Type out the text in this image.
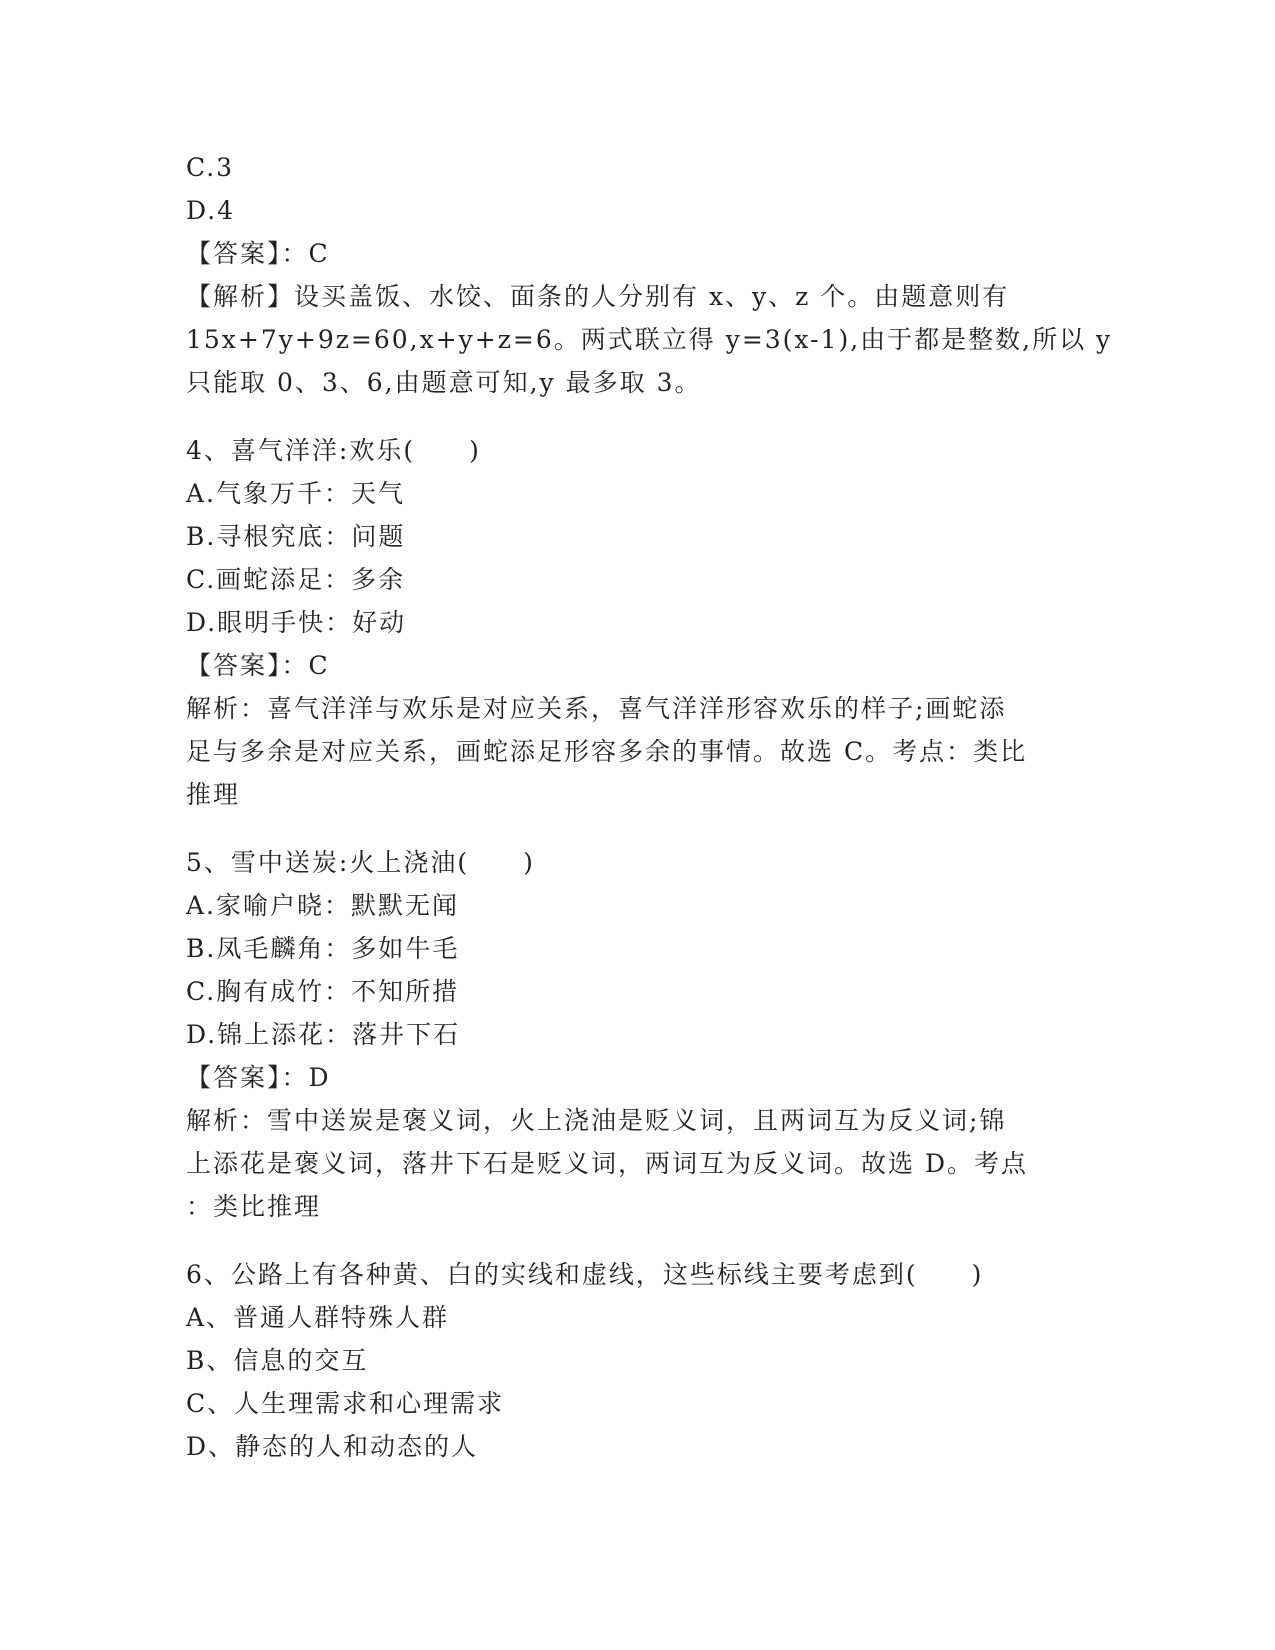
C.3
D.4
【答案】：C
【解析】设买盖饭、水饺、面条的人分别有 x、y、z 个。由题意则有
15x+7y+9z=60,x+y+z=6。两式联立得 y=3(x-1),由于都是整数,所以 y
只能取 0、3、6,由题意可知,y 最多取 3。
4、喜气洋洋:欢乐(　　)
A.气象万千：天气
B.寻根究底：问题
C.画蛇添足：多余
D.眼明手快：好动
【答案】：C
解析：喜气洋洋与欢乐是对应关系，喜气洋洋形容欢乐的样子;画蛇添
足与多余是对应关系，画蛇添足形容多余的事情。故选 C。考点：类比
推理
5、雪中送炭:火上浇油(　　)
A.家喻户晓：默默无闻
B.凤毛麟角：多如牛毛
C.胸有成竹：不知所措
D.锦上添花：落井下石
【答案】：D
解析：雪中送炭是褒义词，火上浇油是贬义词，且两词互为反义词;锦
上添花是褒义词，落井下石是贬义词，两词互为反义词。故选 D。考点
：类比推理
6、公路上有各种黄、白的实线和虚线，这些标线主要考虑到(　　)
A、普通人群特殊人群
B、信息的交互
C、人生理需求和心理需求
D、静态的人和动态的人
